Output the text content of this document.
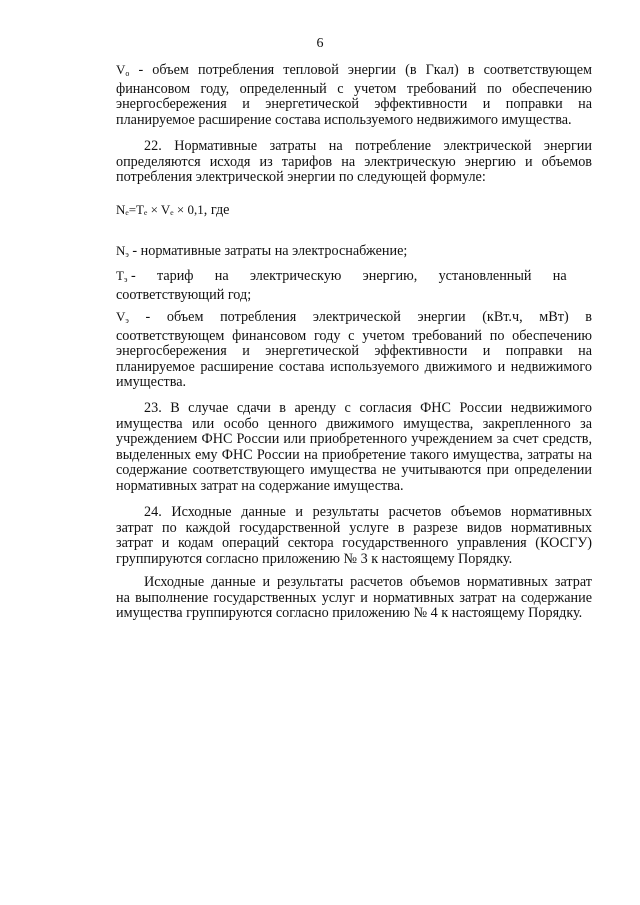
6
$V_о$ - объем потребления тепловой энергии (в Гкал) в соответствующем
финансовом году, определенный с учетом требований по обеспечению
энергосбережения и энергетической эффективности и поправки на
планируемое расширение состава используемого недвижимого имущества.
22. Нормативные затраты на потребление электрической энергии
определяются исходя из тарифов на электрическую энергию и объемов
потребления электрической энергии по следующей формуле:
Nₑ=Tₑ × Vₑ × 0,1, где
$N_э$ - нормативные затраты на электроснабжение;
$T_э$ -      тариф      на      электрическую      энергию,      установленный      на
соответствующий год;
$V_э$ - объем потребления электрической энергии (кВт.ч, мВт) в
соответствующем финансовом году с учетом требований по обеспечению
энергосбережения и энергетической эффективности и поправки на
планируемое расширение состава используемого движимого и недвижимого
имущества.
23. В случае сдачи в аренду с согласия ФНС России недвижимого
имущества или особо ценного движимого имущества, закрепленного за
учреждением ФНС России или приобретенного учреждением за счет средств,
выделенных ему ФНС России на приобретение такого имущества, затраты на
содержание соответствующего имущества не учитываются при определении
нормативных затрат на содержание имущества.
24. Исходные данные и результаты расчетов объемов нормативных
затрат по каждой государственной услуге в разрезе видов нормативных
затрат и кодам операций сектора государственного управления (КОСГУ)
группируются согласно приложению № 3 к настоящему Порядку.
Исходные данные и результаты расчетов объемов нормативных затрат
на выполнение государственных услуг и нормативных затрат на содержание
имущества группируются согласно приложению № 4 к настоящему Порядку.
